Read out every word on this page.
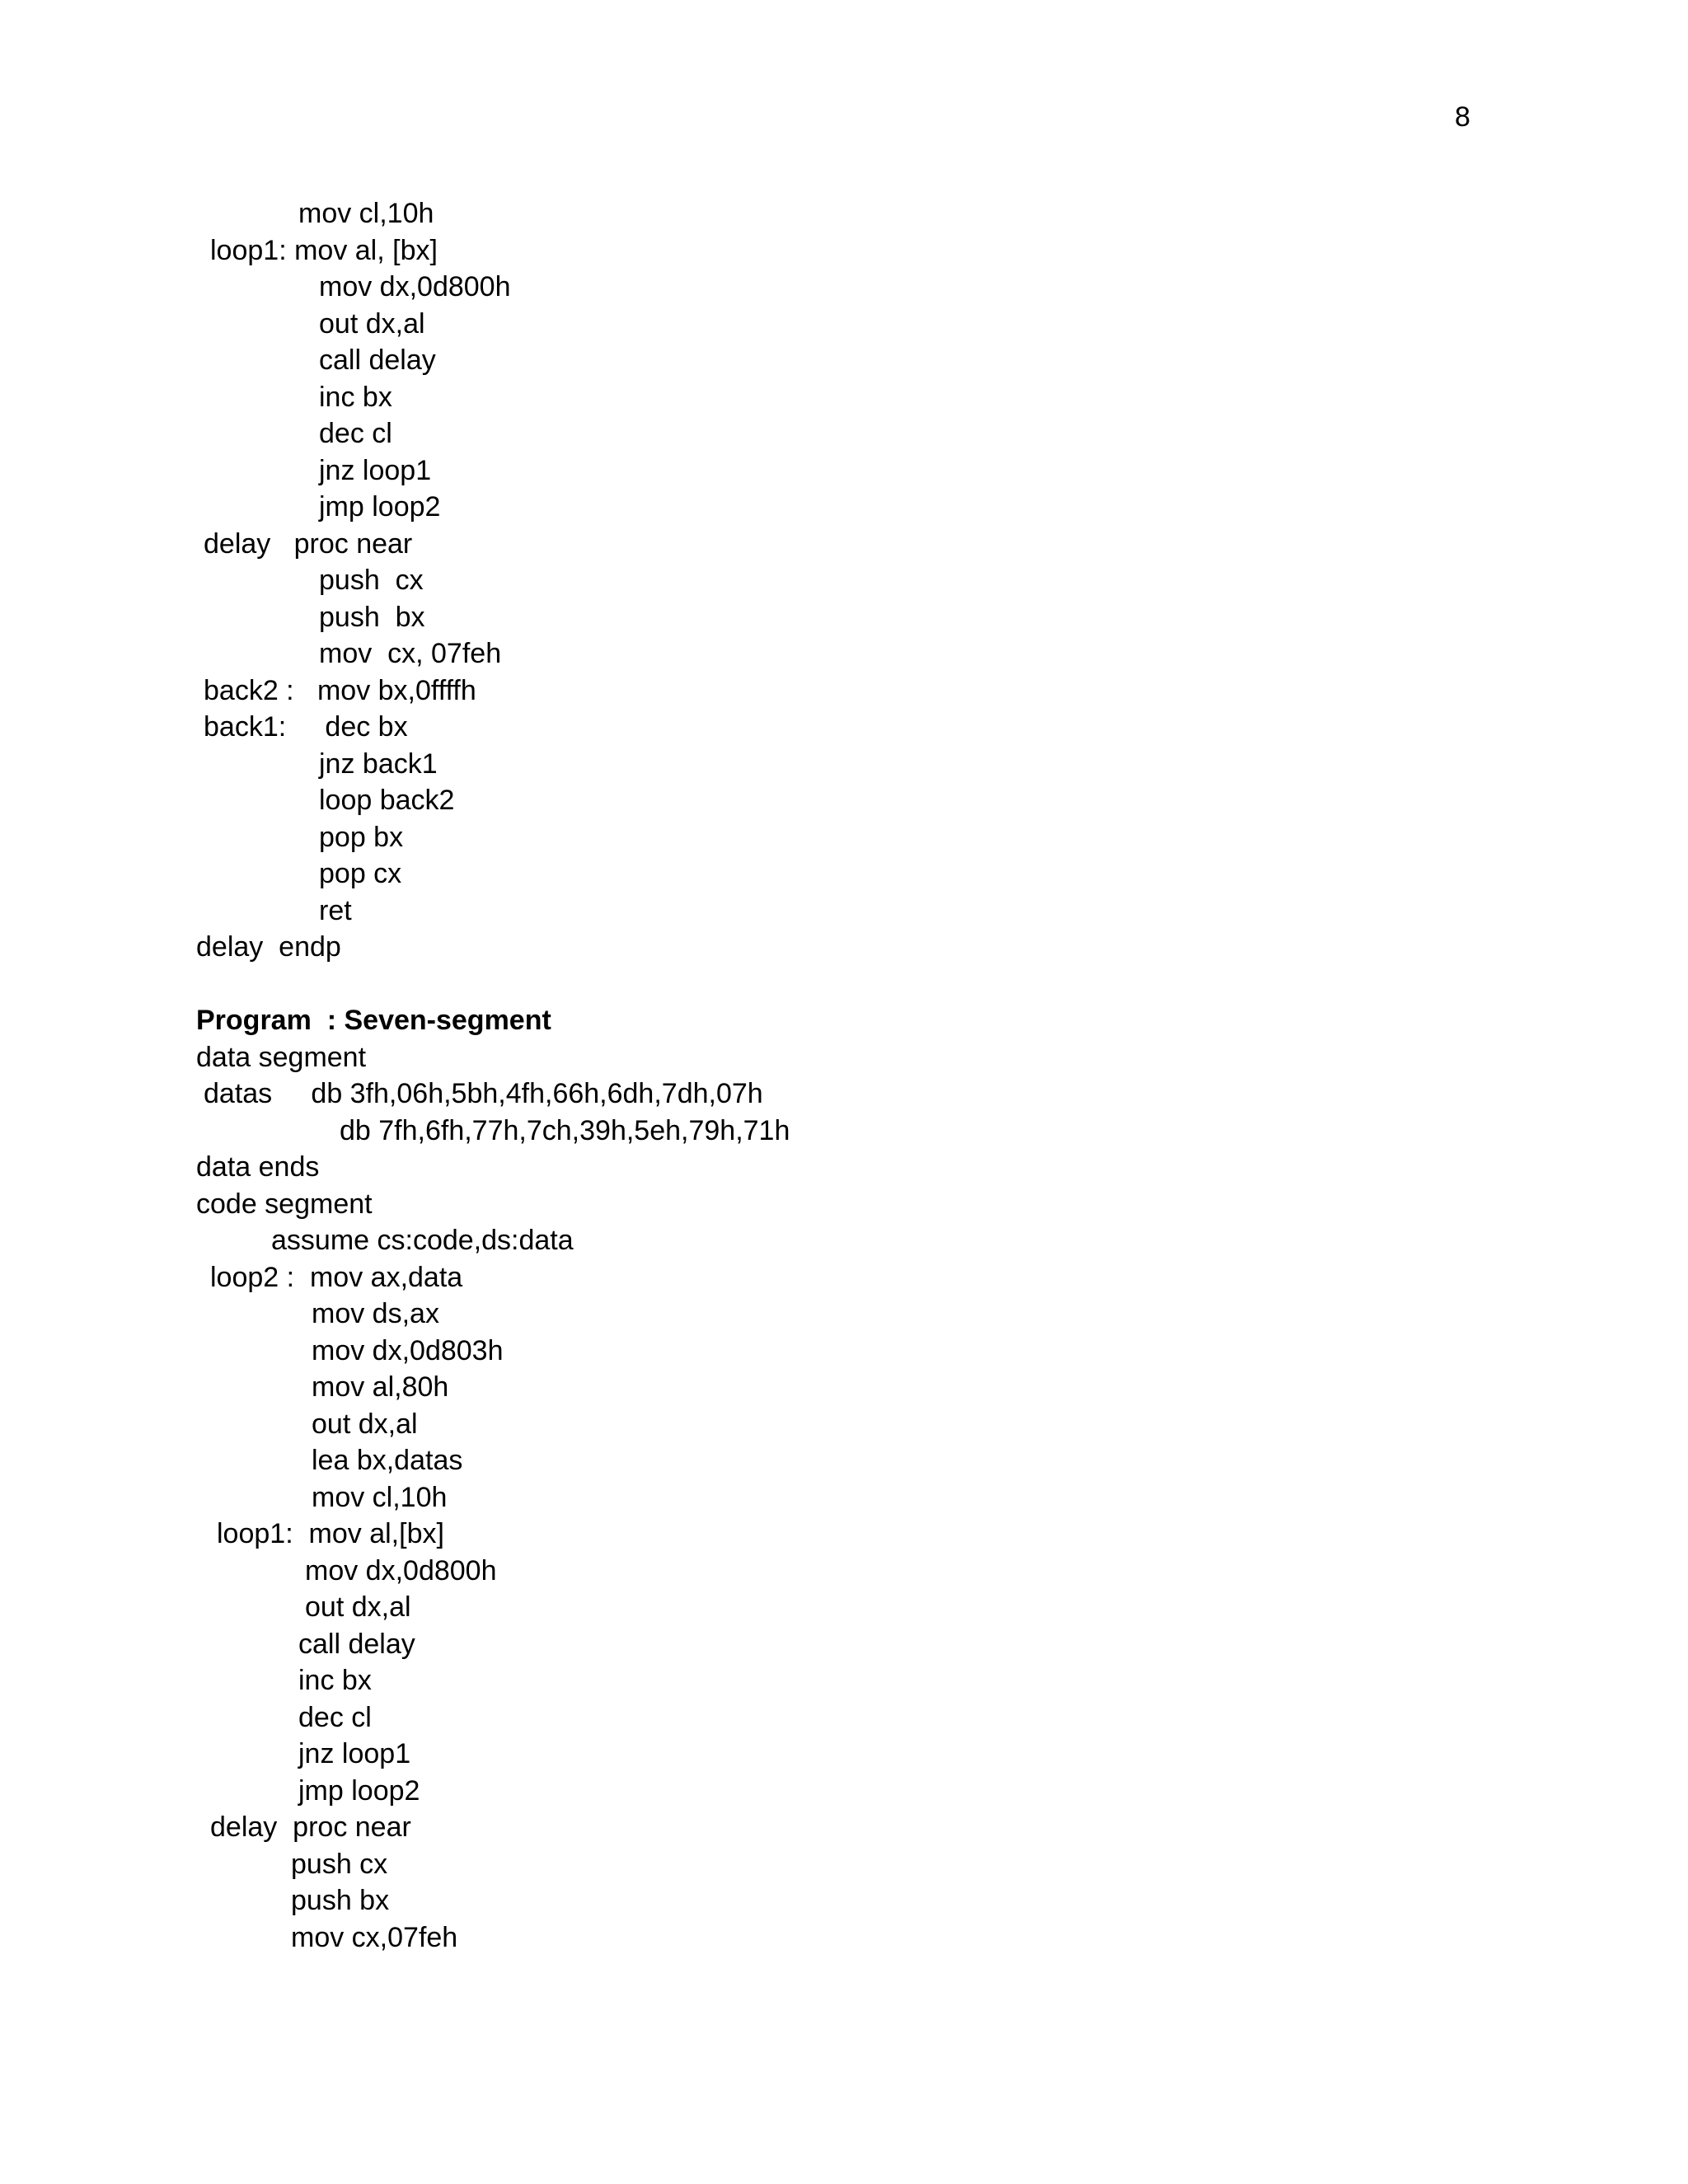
8
mov cl,10h
loop1: mov al, [bx]
mov dx,0d800h
out dx,al
call delay
inc bx
dec cl
jnz loop1
jmp loop2
delay   proc near
push  cx
push  bx
mov  cx, 07feh
back2 :   mov bx,0ffffh
back1:     dec bx
jnz back1
loop back2
pop bx
pop cx
ret
delay  endp
Program  : Seven-segment
data segment
datas     db 3fh,06h,5bh,4fh,66h,6dh,7dh,07h
db 7fh,6fh,77h,7ch,39h,5eh,79h,71h
data ends
code segment
assume cs:code,ds:data
loop2 :  mov ax,data
mov ds,ax
mov dx,0d803h
mov al,80h
out dx,al
lea bx,datas
mov cl,10h
loop1:  mov al,[bx]
mov dx,0d800h
out dx,al
call delay
inc bx
dec cl
jnz loop1
jmp loop2
delay  proc near
push cx
push bx
mov cx,07feh
